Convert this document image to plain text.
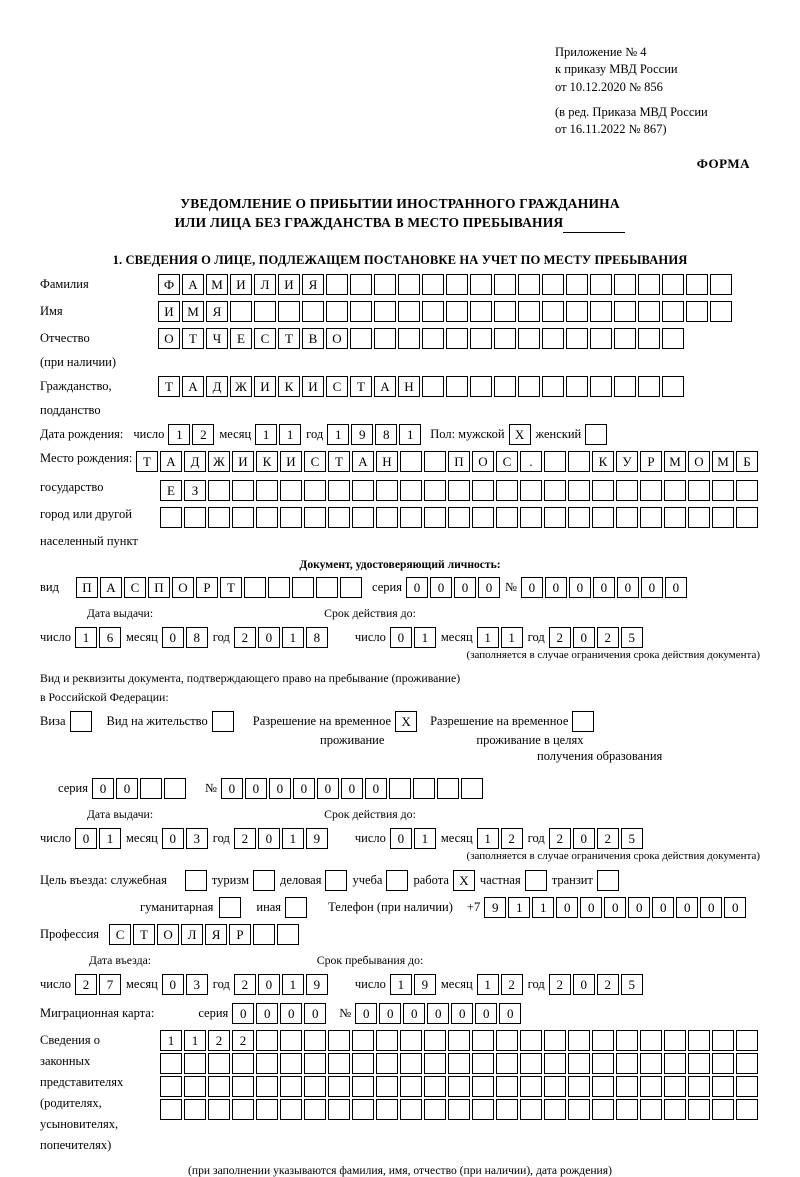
Приложение № 4
к приказу МВД России
от 10.12.2020 № 856
(в ред. Приказа МВД России
от 16.11.2022 № 867)
ФОРМА
УВЕДОМЛЕНИЕ О ПРИБЫТИИ ИНОСТРАННОГО ГРАЖДАНИНА
ИЛИ ЛИЦА БЕЗ ГРАЖДАНСТВА В МЕСТО ПРЕБЫВАНИЯ
1. СВЕДЕНИЯ О ЛИЦЕ, ПОДЛЕЖАЩЕМ ПОСТАНОВКЕ НА УЧЕТ ПО МЕСТУ ПРЕБЫВАНИЯ
Фамилия	Ф	А	М	И	Л	И	Я
Имя	И	М	Я
Отчество	О	Т	Ч	Е	С	Т	В	О
(при наличии)
Гражданство,	Т	А	Д	Ж	И	К	И	С	Т	А	Н
подданство
Дата рождения: число 1	2	месяц 1	1	год 1	9	8	1	Пол: мужской X женский
Место рождения: Т	А	Д	Ж	И	К	И	С	Т	А	Н	П	О	С	.	К	У	Р	М	О	М	Б
государство	Е	З
город или другой
населенный пункт
Документ, удостоверяющий личность:
вид	П	А	С	П	О	Р	Т	серия 0	0	0	0	№ 0	0	0	0	0	0	0
Дата выдачи:	Срок действия до:
число 1	6	месяц 0	8	год 2	0	1	8	число 0	1	месяц 1	1	год 2	0	2	5
(заполняется в случае ограничения срока действия документа)
Вид и реквизиты документа, подтверждающего право на пребывание (проживание)
в Российской Федерации:
Виза	Вид на жительство	Разрешение на временное X	Разрешение на временное
проживание	проживание в целях
получения образования
серия 0	0	№ 0	0	0	0	0	0	0
Дата выдачи:	Срок действия до:
число 0	1	месяц 0	3	год 2	0	1	9	число 0	1	месяц 1	2	год 2	0	2	5
(заполняется в случае ограничения срока действия документа)
Цель въезда: служебная	туризм деловая учеба работа X частная транзит
гуманитарная	иная	Телефон (при наличии) +7 9	1	1	0	0	0	0	0	0	0	0
Профессия	С	Т	О	Л	Я	Р
Дата въезда:	Срок пребывания до:
число 2	7	месяц 0	3	год 2	0	1	9	число 1	9	месяц 1	2	год 2	0	2	5
Миграционная карта:	серия 0	0	0	0	№ 0	0	0	0	0	0	0
Сведения о
законных
представителях
(родителях,
усыновителях,
попечителях)
1	1	2	2
(при заполнении указываются фамилия, имя, отчество (при наличии), дата рождения)
